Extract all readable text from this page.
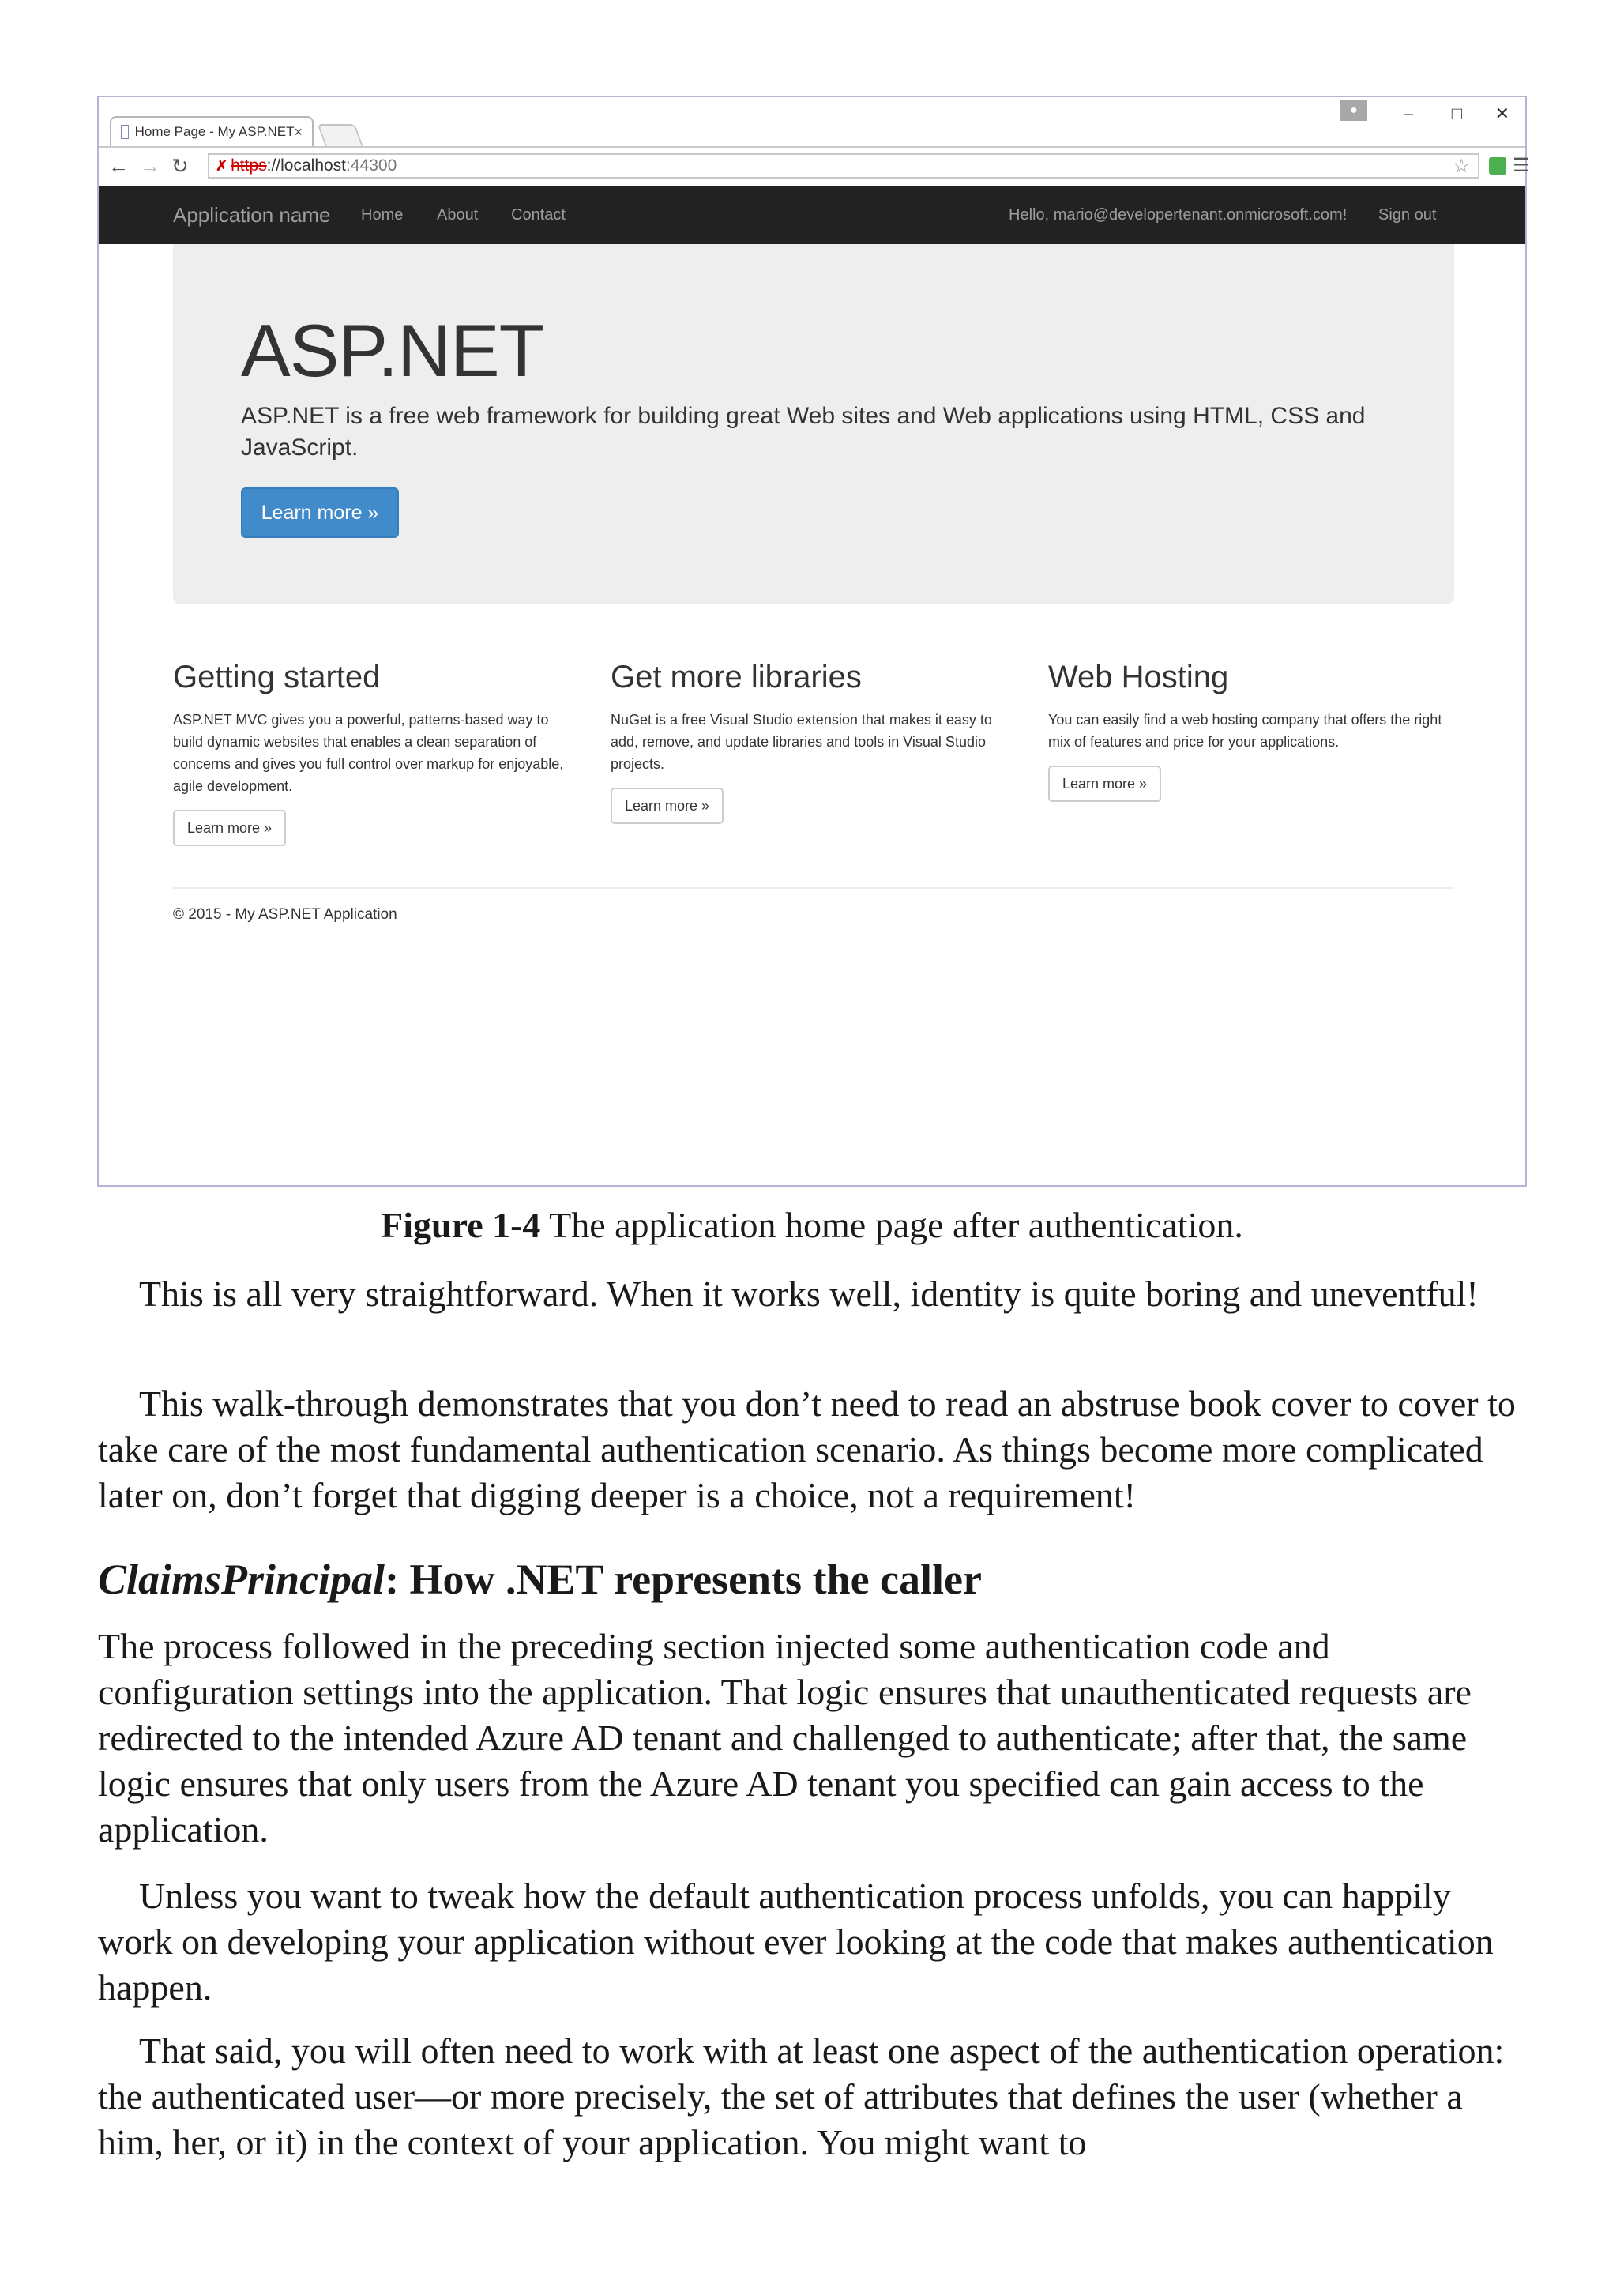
Home Page - My ASP.NET ×
●	– □ ✕
← → ↻ ✗ https ://localhost :44300	☆ ☰
Application name Home About Contact	Hello, mario@developertenant.onmicrosoft.com! Sign out
ASP.NET
ASP.NET is a free web framework for building great Web sites and Web applications using HTML, CSS and JavaScript.
Learn more »
Getting started

ASP.NET MVC gives you a powerful, patterns-based way to build dynamic websites that enables a clean separation of concerns and gives you full control over markup for enjoyable, agile development.

Learn more »
Get more libraries

NuGet is a free Visual Studio extension that makes it easy to add, remove, and update libraries and tools in Visual Studio projects.

Learn more »
Web Hosting

You can easily find a web hosting company that offers the right mix of features and price for your applications.

Learn more »
© 2015 - My ASP.NET Application
Figure 1-4 The application home page after authentication.

This is all very straightforward. When it works well, identity is quite boring and uneventful!

This walk-through demonstrates that you don’t need to read an abstruse book cover to cover to take care of the most fundamental authentication scenario. As things become more complicated later on, don’t forget that digging deeper is a choice, not a requirement!

ClaimsPrincipal: How .NET represents the caller

The process followed in the preceding section injected some authentication code and configuration settings into the application. That logic ensures that unauthenticated requests are redirected to the intended Azure AD tenant and challenged to authenticate; after that, the same logic ensures that only users from the Azure AD tenant you specified can gain access to the application.

Unless you want to tweak how the default authentication process unfolds, you can happily work on developing your application without ever looking at the code that makes authentication happen.

That said, you will often need to work with at least one aspect of the authentication operation: the authenticated user—or more precisely, the set of attributes that defines the user (whether a him, her, or it) in the context of your application. You might want to
